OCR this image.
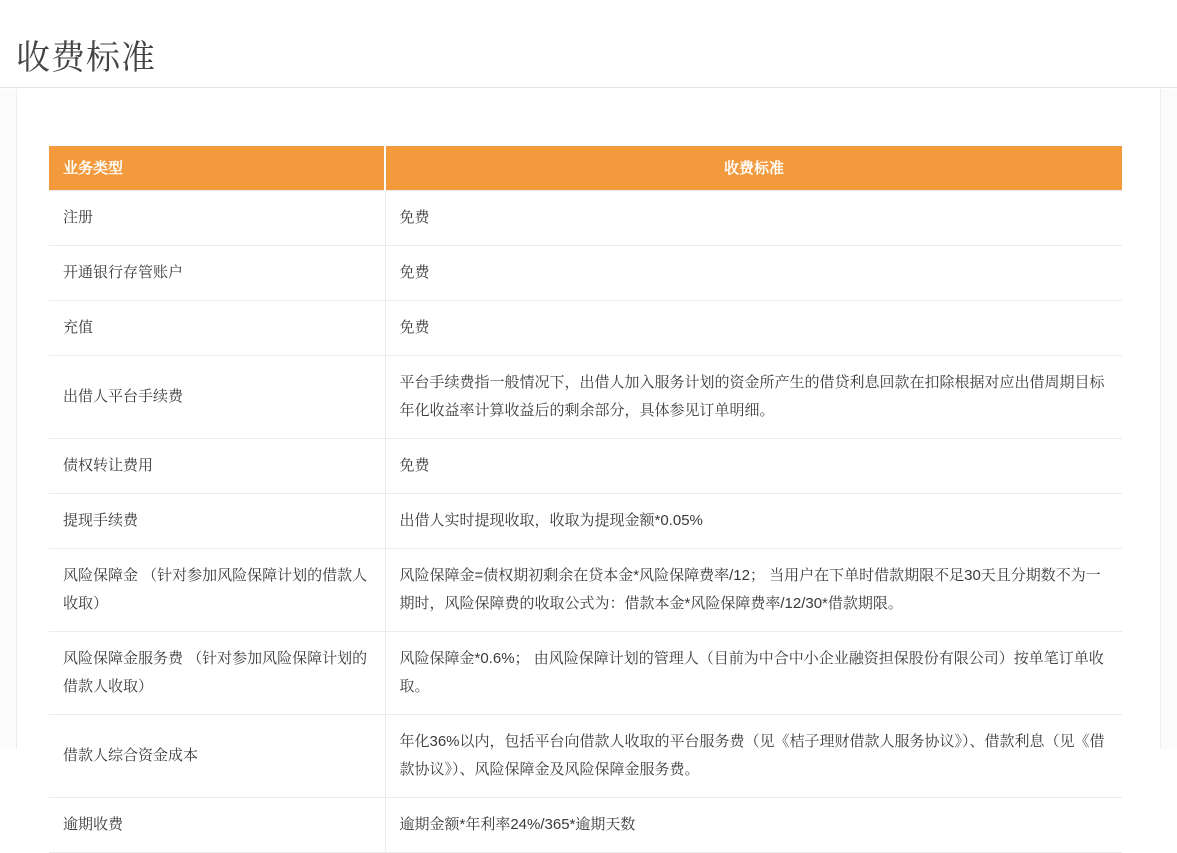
收费标准
业务类型	收费标准
注册	免费
开通银行存管账户	免费
充值	免费
出借人平台手续费	平台手续费指一般情况下，出借人加入服务计划的资金所产生的借贷利息回款在扣除根据对应出借周期目标年化收益率计算收益后的剩余部分，具体参见订单明细。
债权转让费用	免费
提现手续费	出借人实时提现收取，收取为提现金额*0.05%
风险保障金 （针对参加风险保障计划的借款人收取）	风险保障金=债权期初剩余在贷本金*风险保障费率/12； 当用户在下单时借款期限不足30天且分期数不为一期时，风险保障费的收取公式为：借款本金*风险保障费率/12/30*借款期限。
风险保障金服务费 （针对参加风险保障计划的借款人收取）	风险保障金*0.6%； 由风险保障计划的管理人（目前为中合中小企业融资担保股份有限公司）按单笔订单收取。
借款人综合资金成本	年化36%以内，包括平台向借款人收取的平台服务费（见《桔子理财借款人服务协议》）、借款利息（见《借款协议》）、风险保障金及风险保障金服务费。
逾期收费	逾期金额*年利率24%/365*逾期天数
